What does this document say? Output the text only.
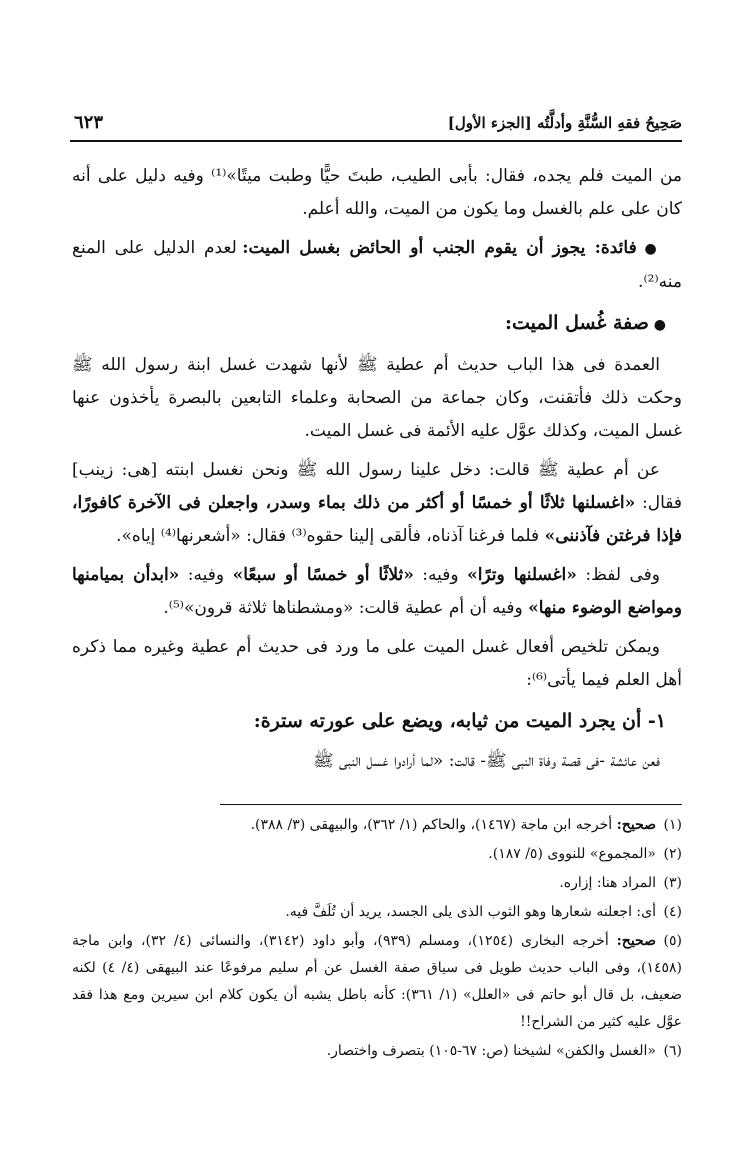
صَحِيحُ فقهِ السُّنَّةِ وأدلَّتُه [الجزء الأول]
٦٢٣

من الميت فلم يجده، فقال: بأبى الطيب، طبتَ حيًّا وطبت ميتًا»⁽¹⁾ وفيه دليل على أنه كان على علم بالغسل وما يكون من الميت، والله أعلم.

● فائدة: يجوز أن يقوم الجنب أو الحائض بغسل الميت: لعدم الدليل على المنع منه⁽²⁾.

● صفة غُسل الميت:

العمدة فى هذا الباب حديث أم عطية ﷺ لأنها شهدت غسل ابنة رسول الله ﷺ وحكت ذلك فأتقنت، وكان جماعة من الصحابة وعلماء التابعين بالبصرة يأخذون عنها غسل الميت، وكذلك عوَّل عليه الأئمة فى غسل الميت.

عن أم عطية ﷺ قالت: دخل علينا رسول الله ﷺ ونحن نغسل ابنته [هى: زينب] فقال: «اغسلنها ثلاثًا أو خمسًا أو أكثر من ذلك بماء وسدر، واجعلن فى الآخرة كافورًا، فإذا فرغتن فآذننى» فلما فرغنا آذناه، فألقى إلينا حقوه⁽³⁾ فقال: «أشعرنها⁽⁴⁾ إياه».

وفى لفظ: «اغسلنها وترًا» وفيه: «ثلاثًا أو خمسًا أو سبعًا» وفيه: «ابدأن بميامنها ومواضع الوضوء منها» وفيه أن أم عطية قالت: «ومشطناها ثلاثة قرون»⁽⁵⁾.

ويمكن تلخيص أفعال غسل الميت على ما ورد فى حديث أم عطية وغيره مما ذكره أهل العلم فيما يأتى⁽⁶⁾:

١- أن يجرد الميت من ثيابه، ويضع على عورته سترة:

فعن عائشة -فى قصة وفاة النبى ﷺ- قالت: «لما أرادوا غسل النبى ﷺ

(١)صحيح: أخرجه ابن ماجة (١٤٦٧)، والحاكم (١/ ٣٦٢)، والبيهقى (٣/ ٣٨٨).

(٢)«المجموع» للنووى (٥/ ١٨٧).

(٣)المراد هنا: إزاره.

(٤)أى: اجعلنه شعارها وهو الثوب الذى يلى الجسد، يريد أن تُلَفَّ فيه.

(٥)صحيح: أخرجه البخارى (١٢٥٤)، ومسلم (٩٣٩)، وأبو داود (٣١٤٢)، والنسائى (٤/ ٣٢)، وابن ماجة (١٤٥٨)، وفى الباب حديث طويل فى سياق صفة الغسل عن أم سليم مرفوعًا عند البيهقى (٤/ ٤) لكنه ضعيف، بل قال أبو حاتم فى «العلل» (١/ ٣٦١): كأنه باطل يشبه أن يكون كلام ابن سيرين ومع هذا فقد عوَّل عليه كثير من الشراح!!

(٦)«الغسل والكفن» لشيخنا (ص: ٦٧-١٠٥) بتصرف واختصار.
